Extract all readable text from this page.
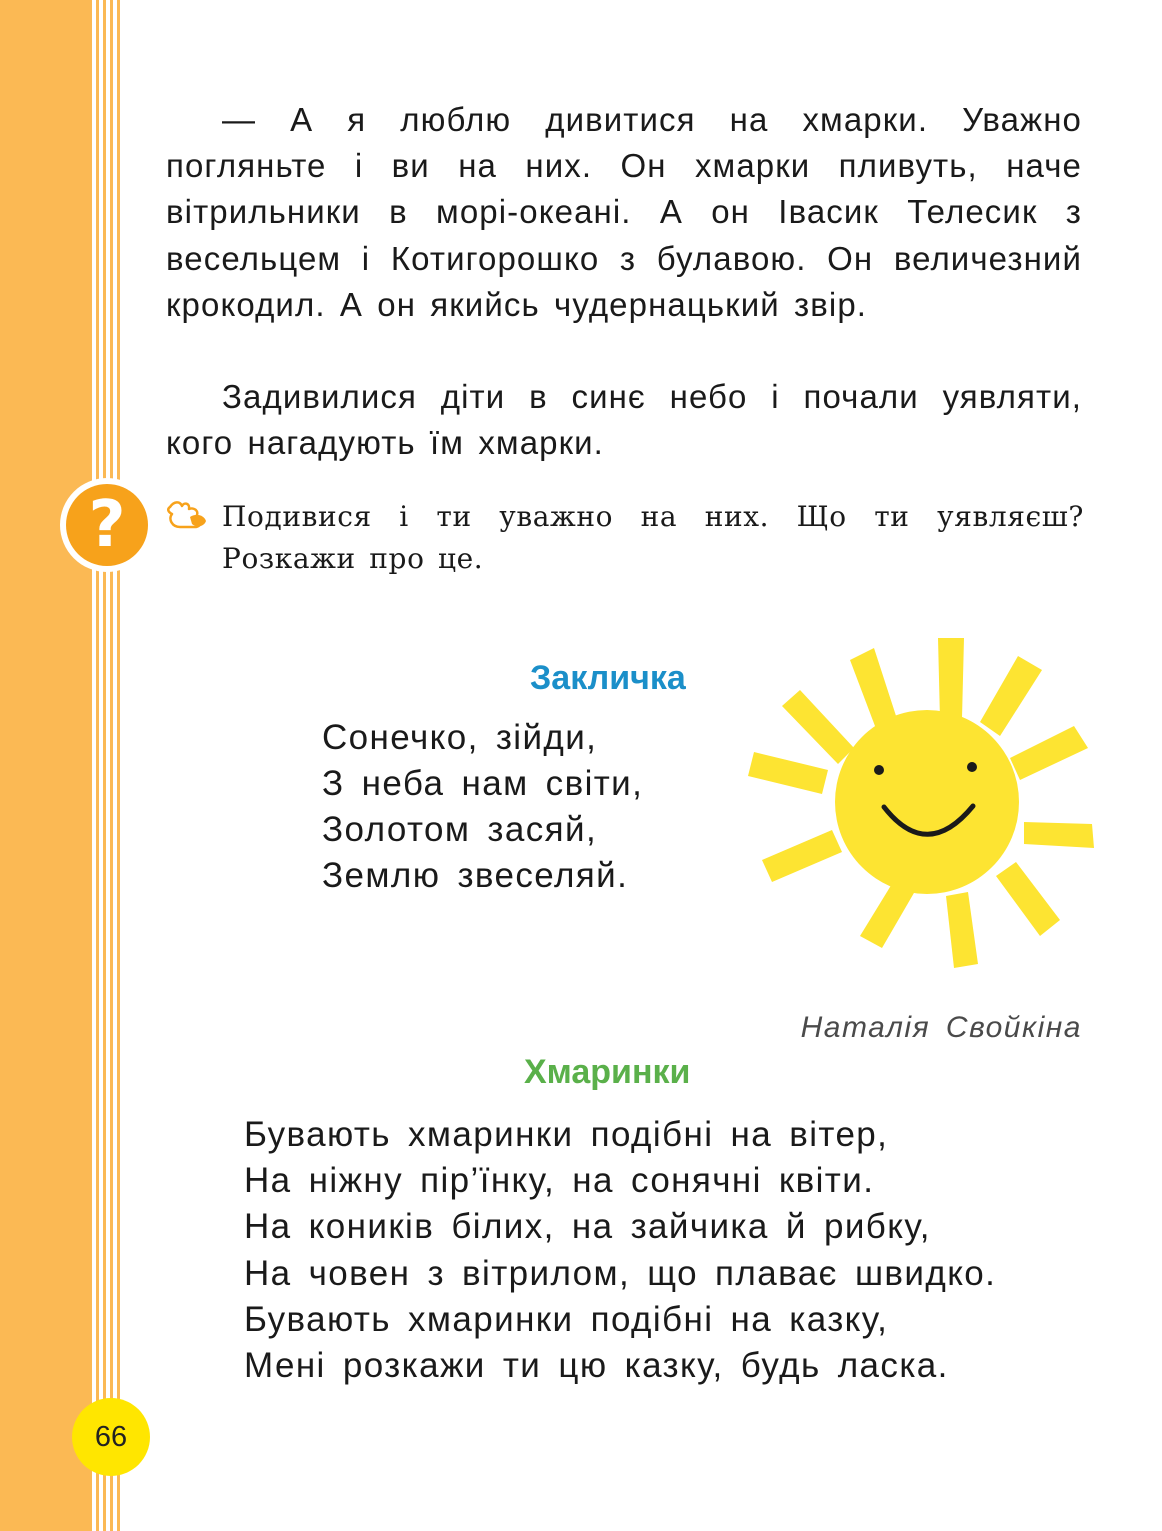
— А я люблю дивитися на хмарки. Уважно погляньте і ви на них. Он хмарки пливуть, наче вітрильники в морі-океані. А он Івасик Телесик з весельцем і Котигорошко з булавою. Он величезний крокодил. А он якийсь чудернацький звір.

Задивилися діти в синє небо і почали уявляти, кого нагадують їм хмарки.

?	Подивися і ти уважно на них. Що ти уявляєш? Розкажи про це.

Закличка
Сонечко, зійди,
З неба нам світи,
Золотом засяй,
Землю звеселяй.

Наталія Свойкіна

Хмаринки
Бувають хмаринки подібні на вітер,
На ніжну пір’їнку, на сонячні квіти.
На коників білих, на зайчика й рибку,
На човен з вітрилом, що плаває швидко.
Бувають хмаринки подібні на казку,
Мені розкажи ти цю казку, будь ласка.
66
